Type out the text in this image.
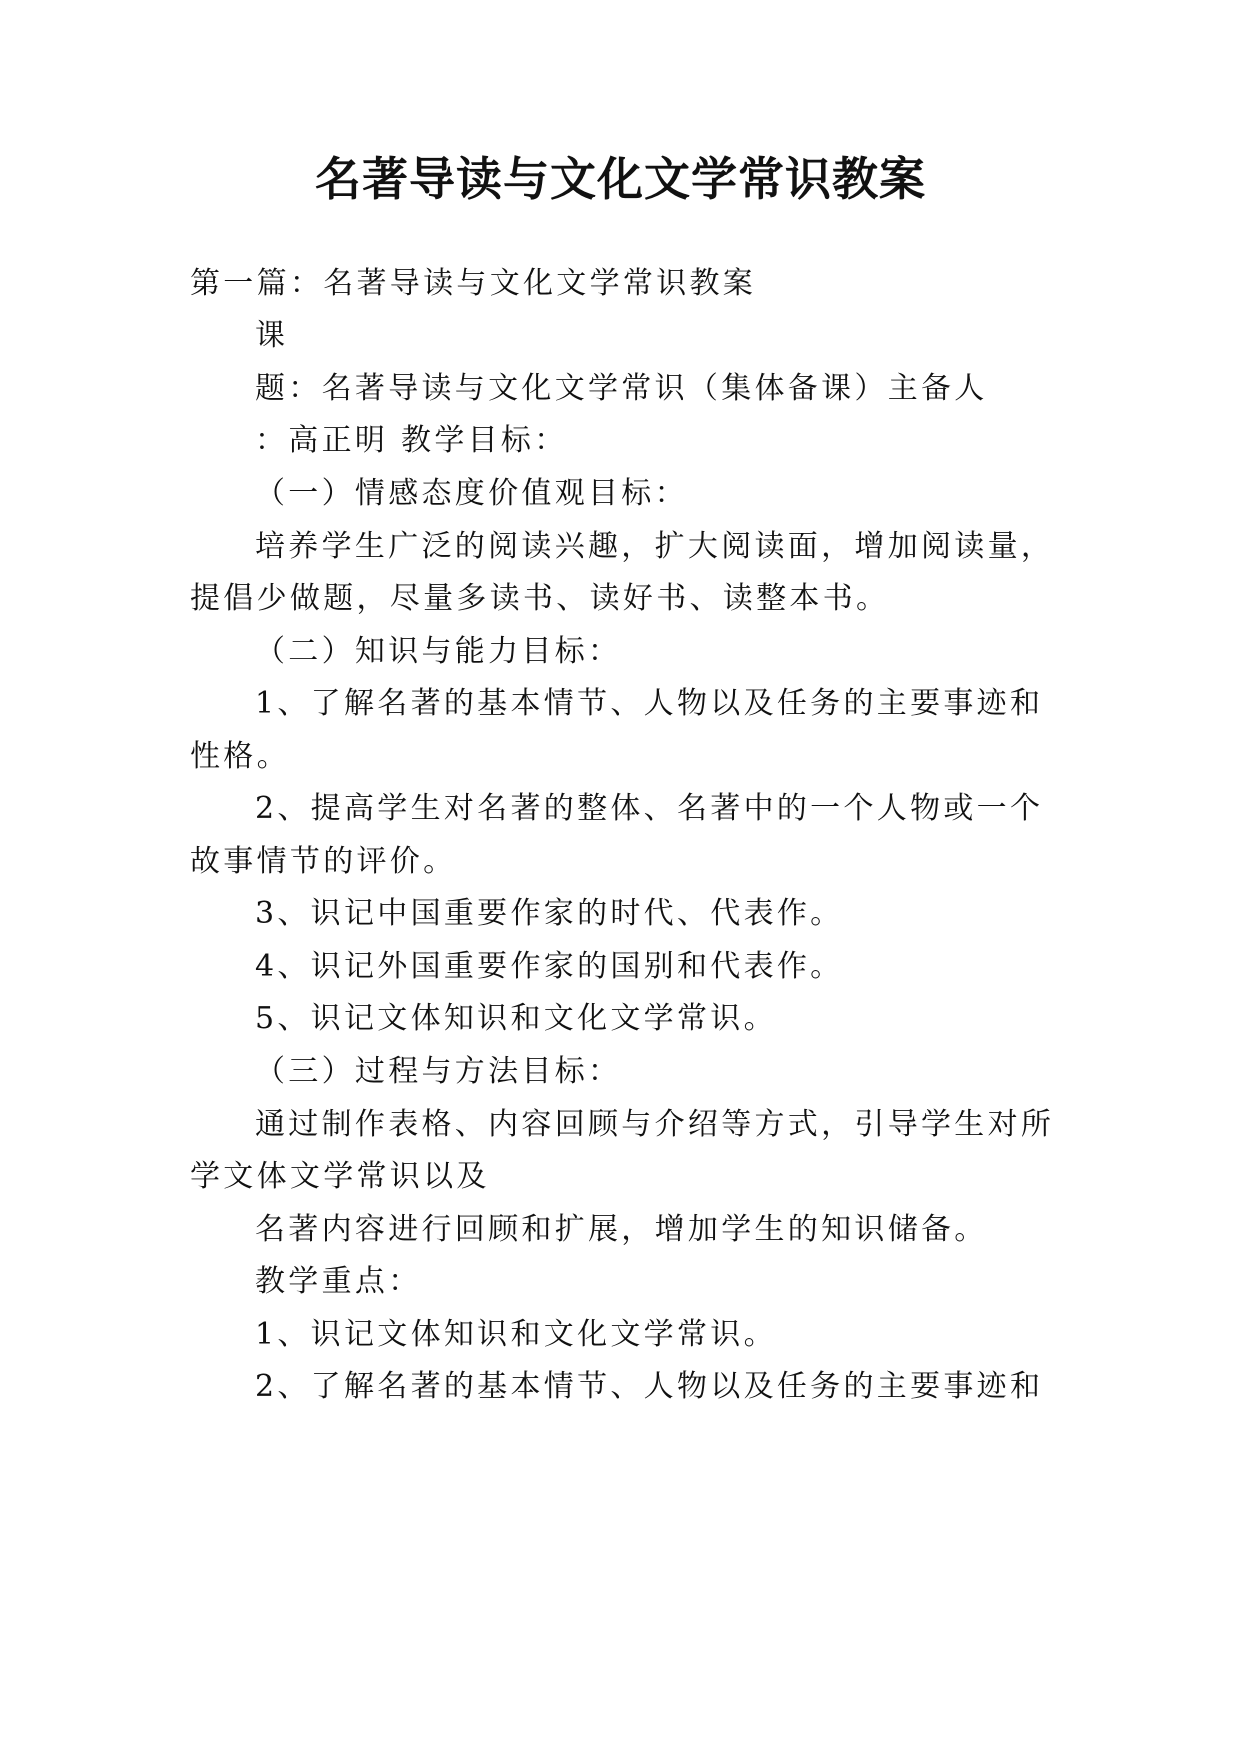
名著导读与文化文学常识教案

第一篇：名著导读与文化文学常识教案

课

题：名著导读与文化文学常识（集体备课）主备人

：高正明 教学目标：

（一）情感态度价值观目标：

培养学生广泛的阅读兴趣，扩大阅读面，增加阅读量，

提倡少做题，尽量多读书、读好书、读整本书。

（二）知识与能力目标：

1、了解名著的基本情节、人物以及任务的主要事迹和

性格。

2、提高学生对名著的整体、名著中的一个人物或一个

故事情节的评价。

3、识记中国重要作家的时代、代表作。

4、识记外国重要作家的国别和代表作。

5、识记文体知识和文化文学常识。

（三）过程与方法目标：

通过制作表格、内容回顾与介绍等方式，引导学生对所

学文体文学常识以及

名著内容进行回顾和扩展，增加学生的知识储备。

教学重点：

1、识记文体知识和文化文学常识。

2、了解名著的基本情节、人物以及任务的主要事迹和
